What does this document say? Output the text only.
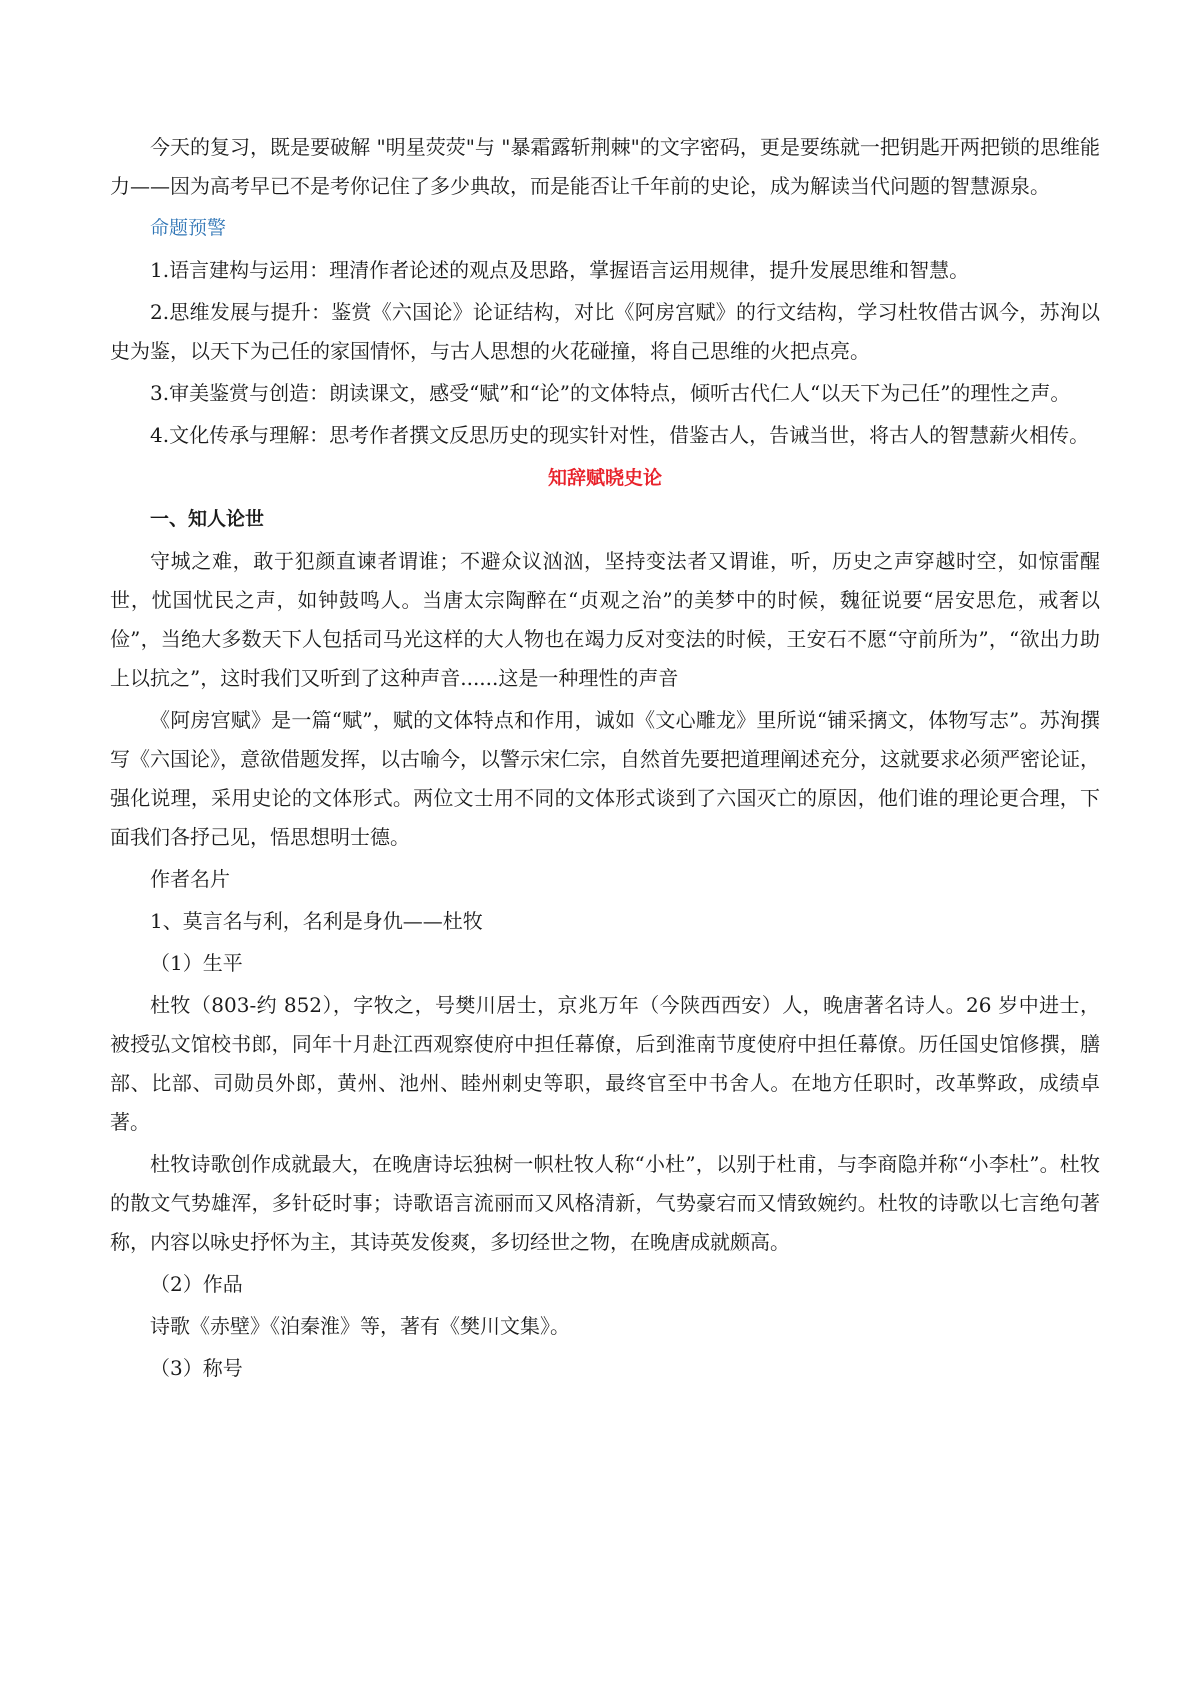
今天的复习，既是要破解 "明星荧荧"与 "暴霜露斩荆棘"的文字密码，更是要练就一把钥匙开两把锁的思维能力——因为高考早已不是考你记住了多少典故，而是能否让千年前的史论，成为解读当代问题的智慧源泉。

命题预警

1.语言建构与运用：理清作者论述的观点及思路，掌握语言运用规律，提升发展思维和智慧。

2.思维发展与提升：鉴赏《六国论》论证结构，对比《阿房宫赋》的行文结构，学习杜牧借古讽今，苏洵以史为鉴，以天下为己任的家国情怀，与古人思想的火花碰撞，将自己思维的火把点亮。

3.审美鉴赏与创造：朗读课文，感受“赋”和“论”的文体特点，倾听古代仁人“以天下为己任”的理性之声。

4.文化传承与理解：思考作者撰文反思历史的现实针对性，借鉴古人，告诫当世，将古人的智慧薪火相传。

知辞赋晓史论

一、知人论世

守城之难，敢于犯颜直谏者谓谁；不避众议汹汹，坚持变法者又谓谁，听，历史之声穿越时空，如惊雷醒世，忧国忧民之声，如钟鼓鸣人。当唐太宗陶醉在“贞观之治”的美梦中的时候，魏征说要“居安思危，戒奢以俭”，当绝大多数天下人包括司马光这样的大人物也在竭力反对变法的时候，王安石不愿“守前所为”，“欲出力助上以抗之”，这时我们又听到了这种声音......这是一种理性的声音

《阿房宫赋》是一篇“赋”，赋的文体特点和作用，诚如《文心雕龙》里所说“铺采摛文，体物写志”。苏洵撰写《六国论》，意欲借题发挥，以古喻今，以警示宋仁宗，自然首先要把道理阐述充分，这就要求必须严密论证，强化说理，采用史论的文体形式。两位文士用不同的文体形式谈到了六国灭亡的原因，他们谁的理论更合理，下面我们各抒己见，悟思想明士德。

作者名片

1、莫言名与利，名利是身仇——杜牧

（1）生平

杜牧（803-约 852），字牧之，号樊川居士，京兆万年（今陕西西安）人，晚唐著名诗人。26 岁中进士，被授弘文馆校书郎，同年十月赴江西观察使府中担任幕僚，后到淮南节度使府中担任幕僚。历任国史馆修撰，膳部、比部、司勋员外郎，黄州、池州、睦州刺史等职，最终官至中书舍人。在地方任职时，改革弊政，成绩卓著。

杜牧诗歌创作成就最大，在晚唐诗坛独树一帜杜牧人称“小杜”，以别于杜甫，与李商隐并称“小李杜”。杜牧的散文气势雄浑，多针砭时事；诗歌语言流丽而又风格清新，气势豪宕而又情致婉约。杜牧的诗歌以七言绝句著称，内容以咏史抒怀为主，其诗英发俊爽，多切经世之物，在晚唐成就颇高。

（2）作品

诗歌《赤壁》《泊秦淮》等，著有《樊川文集》。

（3）称号
